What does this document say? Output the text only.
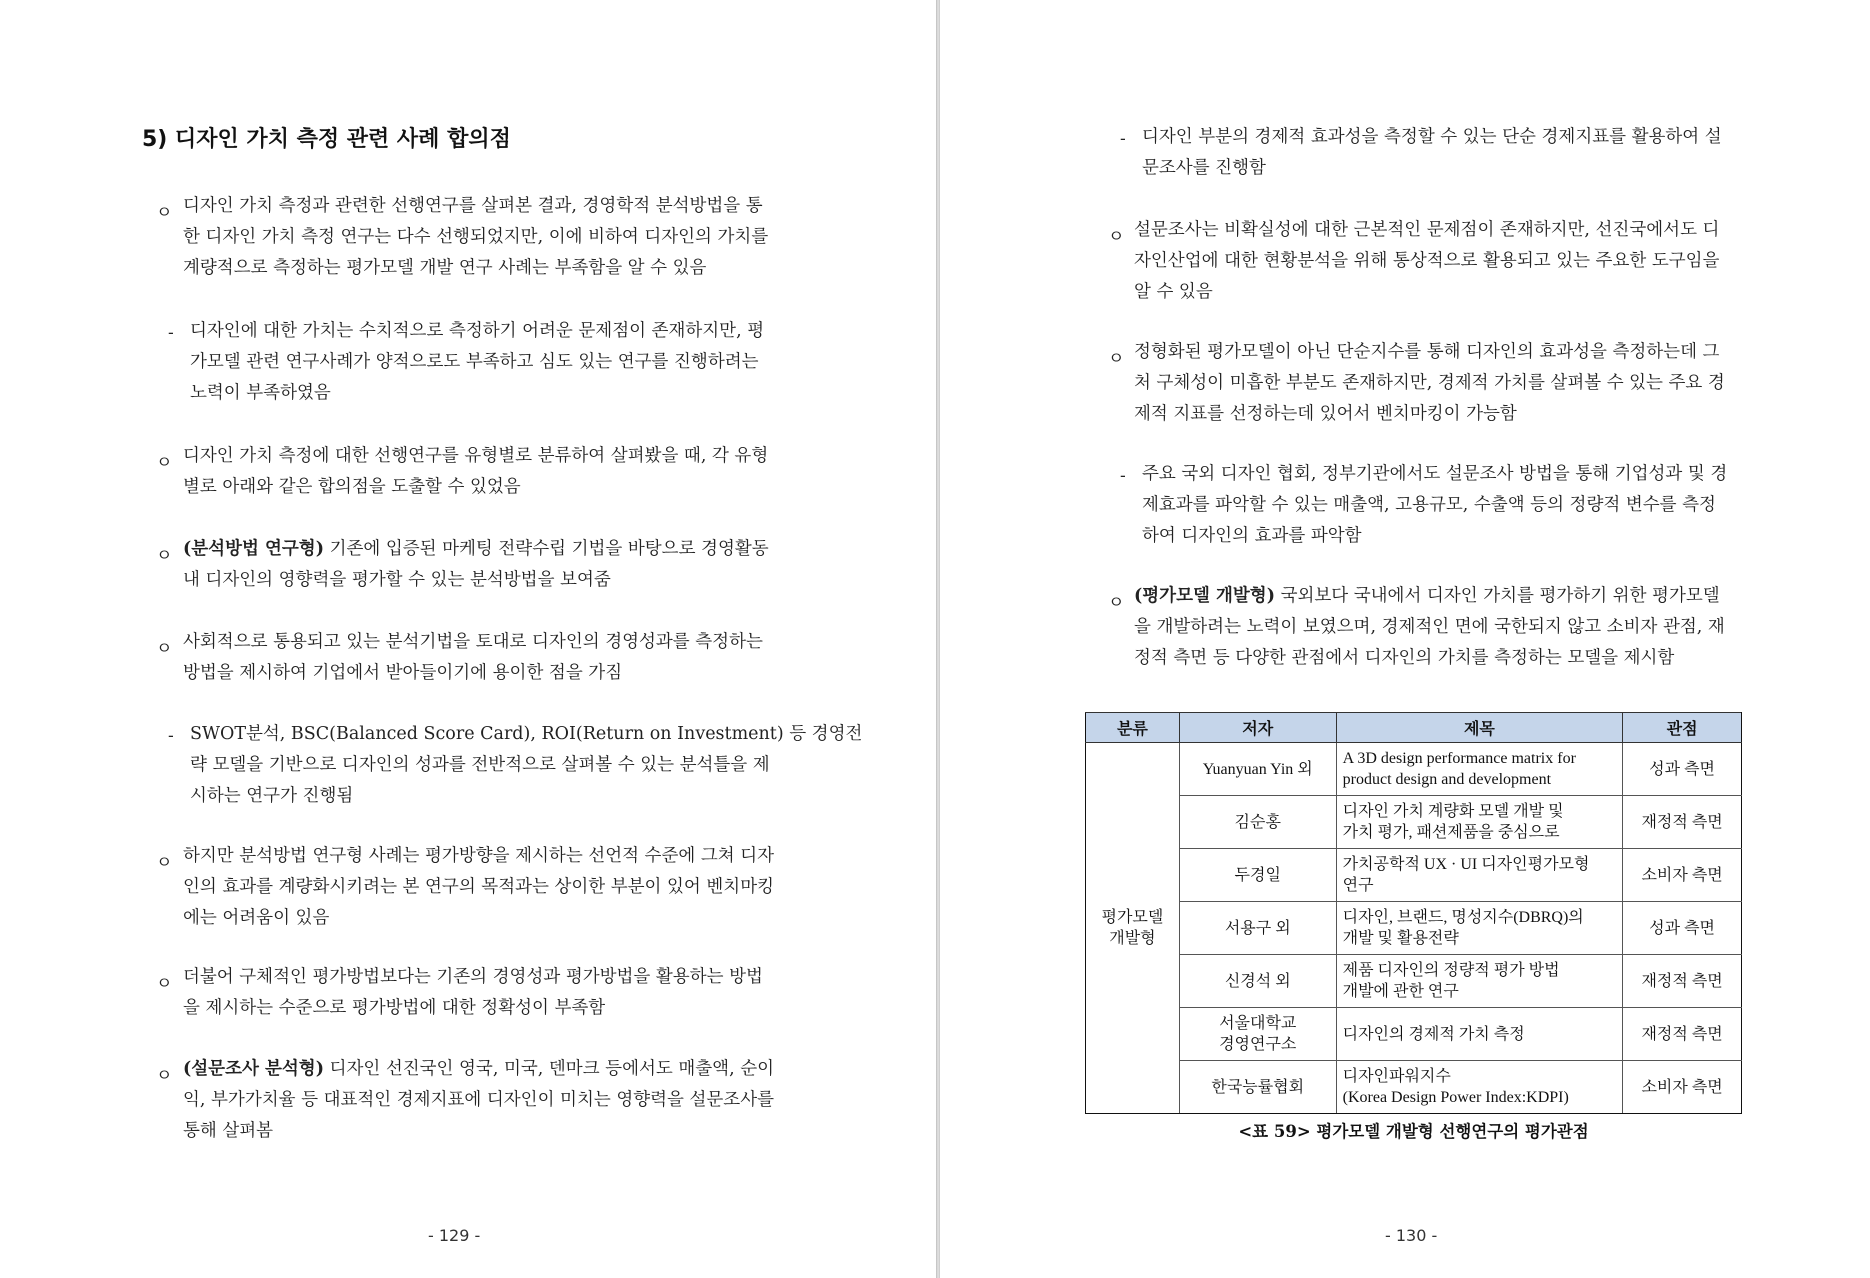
5) 디자인 가치 측정 관련 사례 합의점
ㅇ 디자인 가치 측정과 관련한 선행연구를 살펴본 결과, 경영학적 분석방법을 통
한 디자인 가치 측정 연구는 다수 선행되었지만, 이에 비하여 디자인의 가치를
계량적으로 측정하는 평가모델 개발 연구 사례는 부족함을 알 수 있음
- 디자인에 대한 가치는 수치적으로 측정하기 어려운 문제점이 존재하지만, 평
가모델 관련 연구사례가 양적으로도 부족하고 심도 있는 연구를 진행하려는
노력이 부족하였음
ㅇ 디자인 가치 측정에 대한 선행연구를 유형별로 분류하여 살펴봤을 때, 각 유형
별로 아래와 같은 합의점을 도출할 수 있었음
ㅇ (분석방법 연구형) 기존에 입증된 마케팅 전략수립 기법을 바탕으로 경영활동
내 디자인의 영향력을 평가할 수 있는 분석방법을 보여줌
ㅇ 사회적으로 통용되고 있는 분석기법을 토대로 디자인의 경영성과를 측정하는
방법을 제시하여 기업에서 받아들이기에 용이한 점을 가짐
- SWOT분석, BSC(Balanced Score Card), ROI(Return on Investment) 등 경영전
략 모델을 기반으로 디자인의 성과를 전반적으로 살펴볼 수 있는 분석틀을 제
시하는 연구가 진행됨
ㅇ 하지만 분석방법 연구형 사례는 평가방향을 제시하는 선언적 수준에 그쳐 디자
인의 효과를 계량화시키려는 본 연구의 목적과는 상이한 부분이 있어 벤치마킹
에는 어려움이 있음
ㅇ 더불어 구체적인 평가방법보다는 기존의 경영성과 평가방법을 활용하는 방법
을 제시하는 수준으로 평가방법에 대한 정확성이 부족함
ㅇ (설문조사 분석형) 디자인 선진국인 영국, 미국, 덴마크 등에서도 매출액, 순이
익, 부가가치율 등 대표적인 경제지표에 디자인이 미치는 영향력을 설문조사를
통해 살펴봄
- 129 -
- 디자인 부분의 경제적 효과성을 측정할 수 있는 단순 경제지표를 활용하여 설
문조사를 진행함
ㅇ 설문조사는 비확실성에 대한 근본적인 문제점이 존재하지만, 선진국에서도 디
자인산업에 대한 현황분석을 위해 통상적으로 활용되고 있는 주요한 도구임을
알 수 있음
ㅇ 정형화된 평가모델이 아닌 단순지수를 통해 디자인의 효과성을 측정하는데 그
처 구체성이 미흡한 부분도 존재하지만, 경제적 가치를 살펴볼 수 있는 주요 경
제적 지표를 선정하는데 있어서 벤치마킹이 가능함
- 주요 국외 디자인 협회, 정부기관에서도 설문조사 방법을 통해 기업성과 및 경
제효과를 파악할 수 있는 매출액, 고용규모, 수출액 등의 정량적 변수를 측정
하여 디자인의 효과를 파악함
ㅇ (평가모델 개발형) 국외보다 국내에서 디자인 가치를 평가하기 위한 평가모델
을 개발하려는 노력이 보였으며, 경제적인 면에 국한되지 않고 소비자 관점, 재
정적 측면 등 다양한 관점에서 디자인의 가치를 측정하는 모델을 제시함
분류	저자	제목	관점
평가모델
개발형	Yuanyuan Yin 외	A 3D design performance matrix for
product design and development	성과 측면
	김순홍	디자인 가치 계량화 모델 개발 및
가치 평가, 패션제품을 중심으로	재정적 측면
	두경일	가치공학적 UX · UI 디자인평가모형
연구	소비자 측면
	서용구 외	디자인, 브랜드, 명성지수(DBRQ)의
개발 및 활용전략	성과 측면
	신경석 외	제품 디자인의 정량적 평가 방법
개발에 관한 연구	재정적 측면
	서울대학교
경영연구소	디자인의 경제적 가치 측정	재정적 측면
	한국능률협회	디자인파워지수
(Korea Design Power Index:KDPI)	소비자 측면
<표 59> 평가모델 개발형 선행연구의 평가관점
- 130 -
